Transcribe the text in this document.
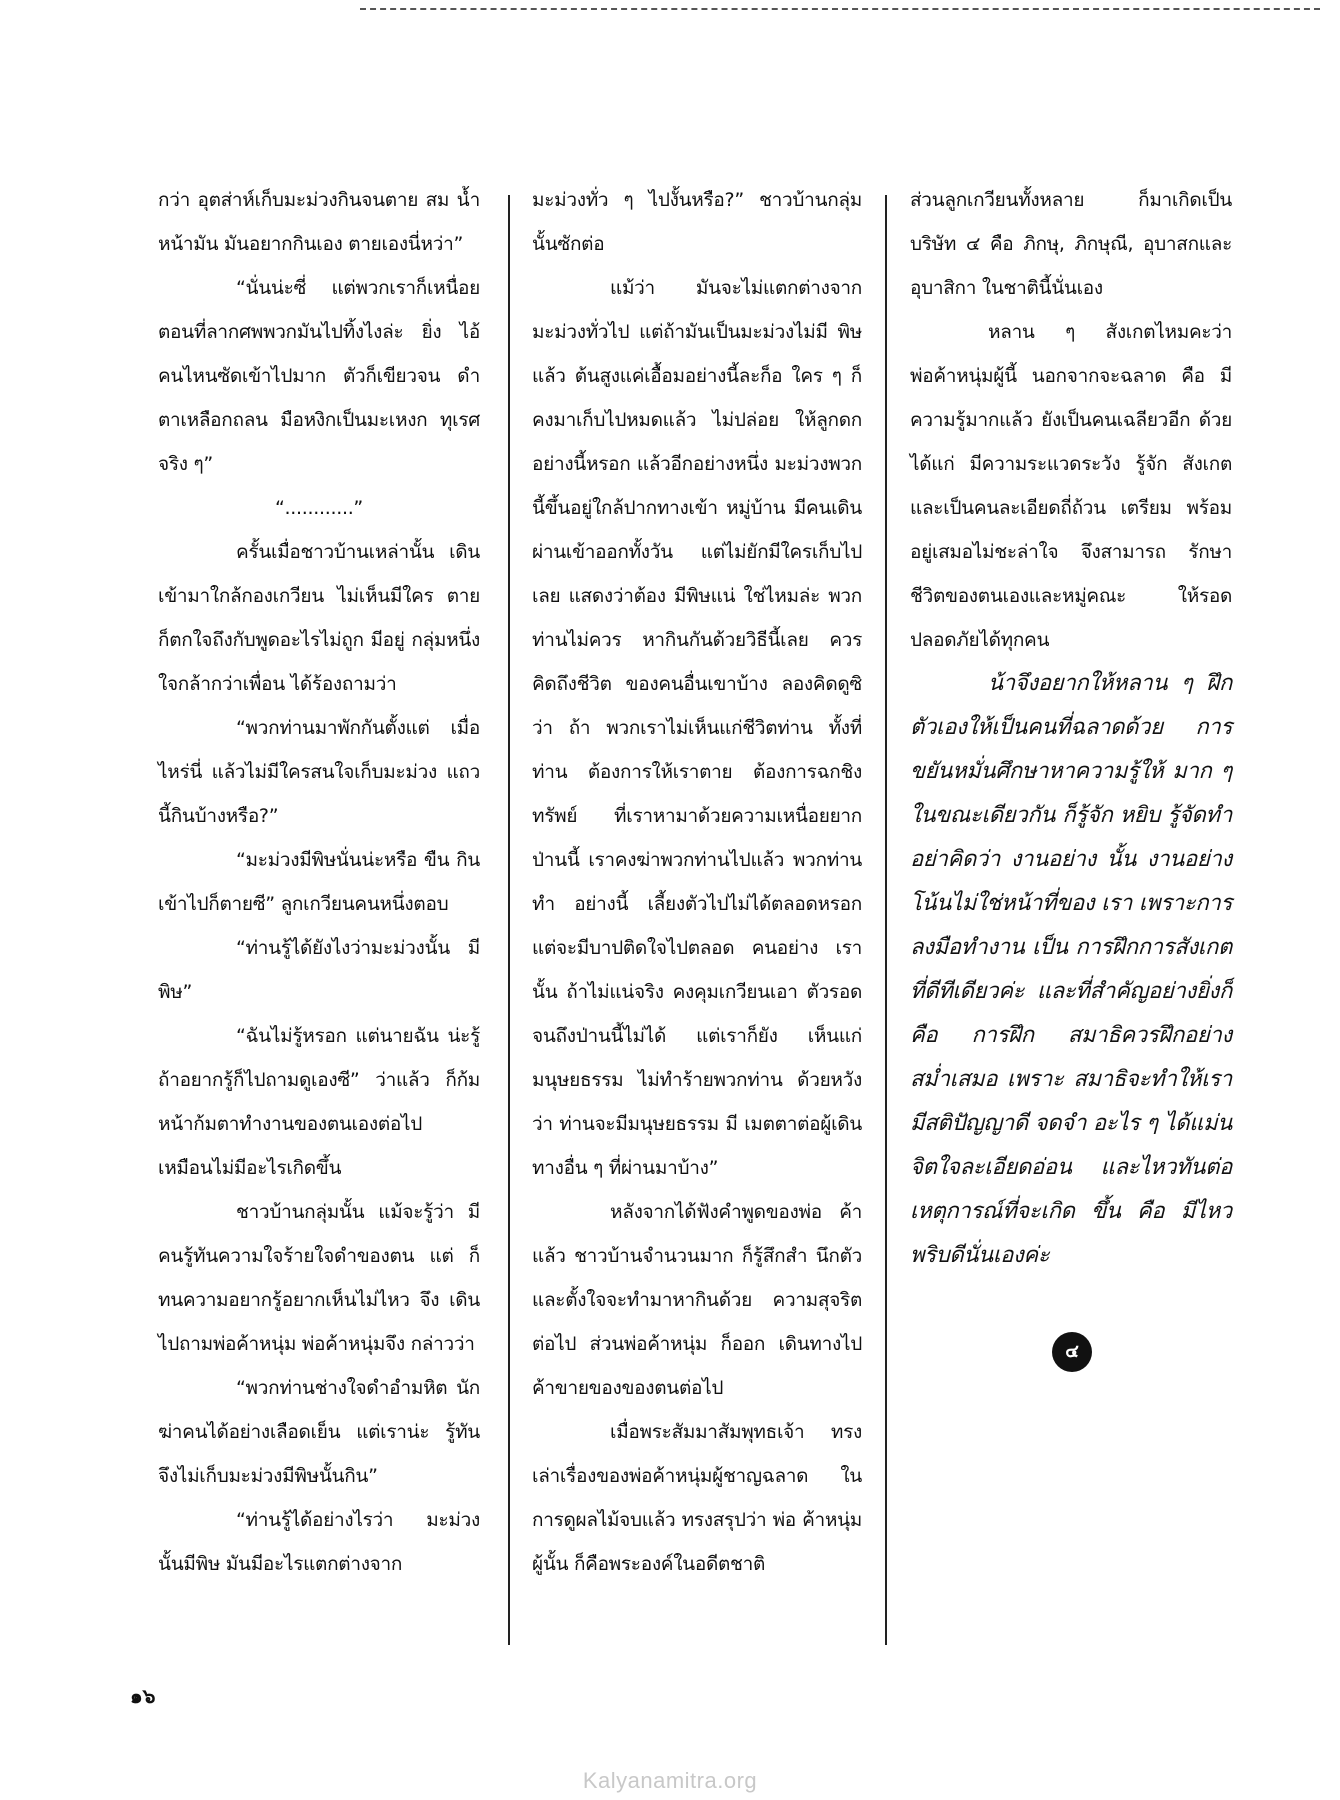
กว่า อุตส่าห์เก็บมะม่วงกินจนตาย สม น้ำหน้ามัน มันอยากกินเอง ตายเองนี่หว่า”

“นั่นน่ะซี่ แต่พวกเราก็เหนื่อย ตอนที่ลากศพพวกมันไปทิ้งไงล่ะ ยิ่ง ไอ้คนไหนซัดเข้าไปมาก ตัวก็เขียวจน ดำ ตาเหลือกถลน มือหงิกเป็นมะเหงก ทุเรศจริง ๆ”

“............”

ครั้นเมื่อชาวบ้านเหล่านั้น เดินเข้ามาใกล้กองเกวียน ไม่เห็นมีใคร ตาย ก็ตกใจถึงกับพูดอะไรไม่ถูก มีอยู่ กลุ่มหนึ่ง ใจกล้ากว่าเพื่อน ได้ร้องถามว่า

“พวกท่านมาพักกันตั้งแต่ เมื่อไหร่นี่ แล้วไม่มีใครสนใจเก็บมะม่วง แถวนี้กินบ้างหรือ?”

“มะม่วงมีพิษนั่นน่ะหรือ ขืน กินเข้าไปก็ตายซี” ลูกเกวียนคนหนึ่งตอบ

“ท่านรู้ได้ยังไงว่ามะม่วงนั้น มีพิษ”

“ฉันไม่รู้หรอก แต่นายฉัน น่ะรู้ ถ้าอยากรู้ก็ไปถามดูเองซี” ว่าแล้ว ก็ก้มหน้าก้มตาทำงานของตนเองต่อไป เหมือนไม่มีอะไรเกิดขึ้น

ชาวบ้านกลุ่มนั้น แม้จะรู้ว่า มีคนรู้ทันความใจร้ายใจดำของตน แต่ ก็ทนความอยากรู้อยากเห็นไม่ไหว จึง เดินไปถามพ่อค้าหนุ่ม พ่อค้าหนุ่มจึง กล่าวว่า

“พวกท่านช่างใจดำอำมหิต นัก ฆ่าคนได้อย่างเลือดเย็น แต่เราน่ะ รู้ทัน จึงไม่เก็บมะม่วงมีพิษนั้นกิน”

“ท่านรู้ได้อย่างไรว่า มะม่วง นั้นมีพิษ มันมีอะไรแตกต่างจาก

มะม่วงทั่ว ๆ ไปงั้นหรือ?” ชาวบ้านกลุ่ม นั้นซักต่อ

แม้ว่า มันจะไม่แตกต่างจาก มะม่วงทั่วไป แต่ถ้ามันเป็นมะม่วงไม่มี พิษแล้ว ต้นสูงแค่เอื้อมอย่างนี้ละก็อ ใคร ๆ ก็คงมาเก็บไปหมดแล้ว ไม่ปล่อย ให้ลูกดกอย่างนี้หรอก แล้วอีกอย่างหนึ่ง มะม่วงพวกนี้ขึ้นอยู่ใกล้ปากทางเข้า หมู่บ้าน มีคนเดินผ่านเข้าออกทั้งวัน แต่ไม่ยักมีใครเก็บไปเลย แสดงว่าต้อง มีพิษแน่ ใช่ไหมล่ะ พวกท่านไม่ควร หากินกันด้วยวิธีนี้เลย ควรคิดถึงชีวิต ของคนอื่นเขาบ้าง ลองคิดดูซิว่า ถ้า พวกเราไม่เห็นแก่ชีวิตท่าน ทั้งที่ท่าน ต้องการให้เราตาย ต้องการฉกชิงทรัพย์ ที่เราหามาด้วยความเหนื่อยยาก ป่านนี้ เราคงฆ่าพวกท่านไปแล้ว พวกท่านทำ อย่างนี้ เลี้ยงตัวไปไม่ได้ตลอดหรอก แต่จะมีบาปติดใจไปตลอด คนอย่าง เรานั้น ถ้าไม่แน่จริง คงคุมเกวียนเอา ตัวรอดจนถึงป่านนี้ไม่ได้ แต่เราก็ยัง เห็นแก่มนุษยธรรม ไม่ทำร้ายพวกท่าน ด้วยหวังว่า ท่านจะมีมนุษยธรรม มี เมตตาต่อผู้เดินทางอื่น ๆ ที่ผ่านมาบ้าง”

หลังจากได้ฟังคำพูดของพ่อ ค้าแล้ว ชาวบ้านจำนวนมาก ก็รู้สึกสำ นึกตัว และตั้งใจจะทำมาหากินด้วย ความสุจริตต่อไป ส่วนพ่อค้าหนุ่ม ก็ออก เดินทางไปค้าขายของของตนต่อไป

เมื่อพระสัมมาสัมพุทธเจ้า ทรงเล่าเรื่องของพ่อค้าหนุ่มผู้ชาญฉลาด ในการดูผลไม้จบแล้ว ทรงสรุปว่า พ่อ ค้าหนุ่มผู้นั้น ก็คือพระองค์ในอดีตชาติ

ส่วนลูกเกวียนทั้งหลาย ก็มาเกิดเป็น บริษัท ๔ คือ ภิกษุ, ภิกษุณี, อุบาสกและ อุบาสิกา ในชาตินี้นั่นเอง

หลาน ๆ สังเกตไหมคะว่า พ่อค้าหนุ่มผู้นี้ นอกจากจะฉลาด คือ มีความรู้มากแล้ว ยังเป็นคนเฉลียวอีก ด้วย ได้แก่ มีความระแวดระวัง รู้จัก สังเกต และเป็นคนละเอียดถี่ถ้วน เตรียม พร้อมอยู่เสมอไม่ชะล่าใจ จึงสามารถ รักษาชีวิตของตนเองและหมู่คณะ ให้รอดปลอดภัยได้ทุกคน

น้าจึงอยากให้หลาน ๆ ฝึกตัวเองให้เป็นคนที่ฉลาดด้วย การขยันหมั่นศึกษาหาความรู้ให้ มาก ๆ ในขณะเดียวกัน ก็รู้จัก หยิบ รู้จัดทำ อย่าคิดว่า งานอย่าง นั้น งานอย่างโน้นไม่ใช่หน้าที่ของ เรา เพราะการลงมือทำงาน เป็น การฝึกการสังเกตที่ดีทีเดียวค่ะ และที่สำคัญอย่างยิ่งก็คือ การฝึก สมาธิควรฝึกอย่างสม่ำเสมอ เพราะ สมาธิจะทำให้เรามีสติปัญญาดี จดจำ อะไร ๆ ได้แม่น จิตใจละเอียดอ่อน และไหวทันต่อเหตุการณ์ที่จะเกิด ขึ้น คือ มีไหวพริบดีนั่นเองค่ะ

๔
๑๖
Kalyanamitra.org
